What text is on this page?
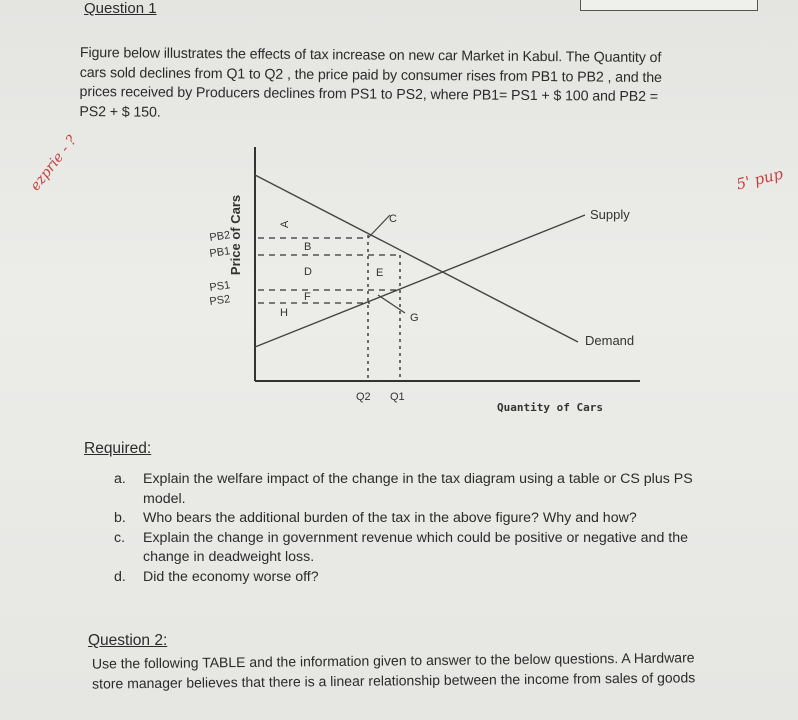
Question 1
Figure below illustrates the effects of tax increase on new car Market in Kabul. The Quantity of
cars sold declines from Q1 to Q2 , the price paid by consumer rises from PB1 to PB2 , and the
prices received by Producers declines from PS1 to PS2, where PB1= PS1 + $ 100 and PB2 =
PS2 + $ 150.
ezprie - ?	5' pup
Price of Cars	Supply
Demand
PB2
PB1
PS1
PS2
Q2 Q1
Quantity of Cars
A
B
C
D	E
F
G
H
Required:
a. Explain the welfare impact of the change in the tax diagram using a table or CS plus PS
model.
b. Who bears the additional burden of the tax in the above figure? Why and how?
c. Explain the change in government revenue which could be positive or negative and the
change in deadweight loss.
d. Did the economy worse off?
Question 2:
Use the following TABLE and the information given to answer to the below questions. A Hardware
store manager believes that there is a linear relationship between the income from sales of goods
